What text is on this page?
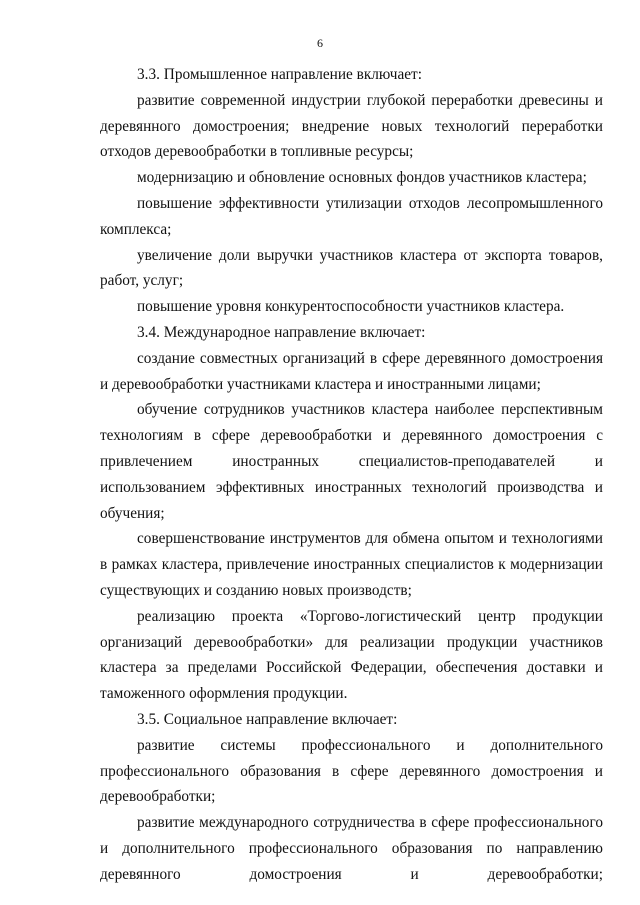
6

3.3. Промышленное направление включает:

развитие современной индустрии глубокой переработки древесины и деревянного домостроения; внедрение новых технологий переработки отходов деревообработки в топливные ресурсы;

модернизацию и обновление основных фондов участников кластера;

повышение эффективности утилизации отходов лесопромышленного комплекса;

увеличение доли выручки участников кластера от экспорта товаров, работ, услуг;

повышение уровня конкурентоспособности участников кластера.

3.4. Международное направление включает:

создание совместных организаций в сфере деревянного домостроения и деревообработки участниками кластера и иностранными лицами;

обучение сотрудников участников кластера наиболее перспективным технологиям в сфере деревообработки и деревянного домостроения с привлечением иностранных специалистов-преподавателей и использованием эффективных иностранных технологий производства и обучения;

совершенствование инструментов для обмена опытом и технологиями в рамках кластера, привлечение иностранных специалистов к модернизации существующих и созданию новых производств;

реализацию проекта «Торгово-логистический центр продукции организаций деревообработки» для реализации продукции участников кластера за пределами Российской Федерации, обеспечения доставки и таможенного оформления продукции.

3.5. Социальное направление включает:

развитие системы профессионального и дополнительного профессионального образования в сфере деревянного домостроения и деревообработки;

развитие международного сотрудничества в сфере профессионального и дополнительного профессионального образования по направлению деревянного домостроения и деревообработки;
